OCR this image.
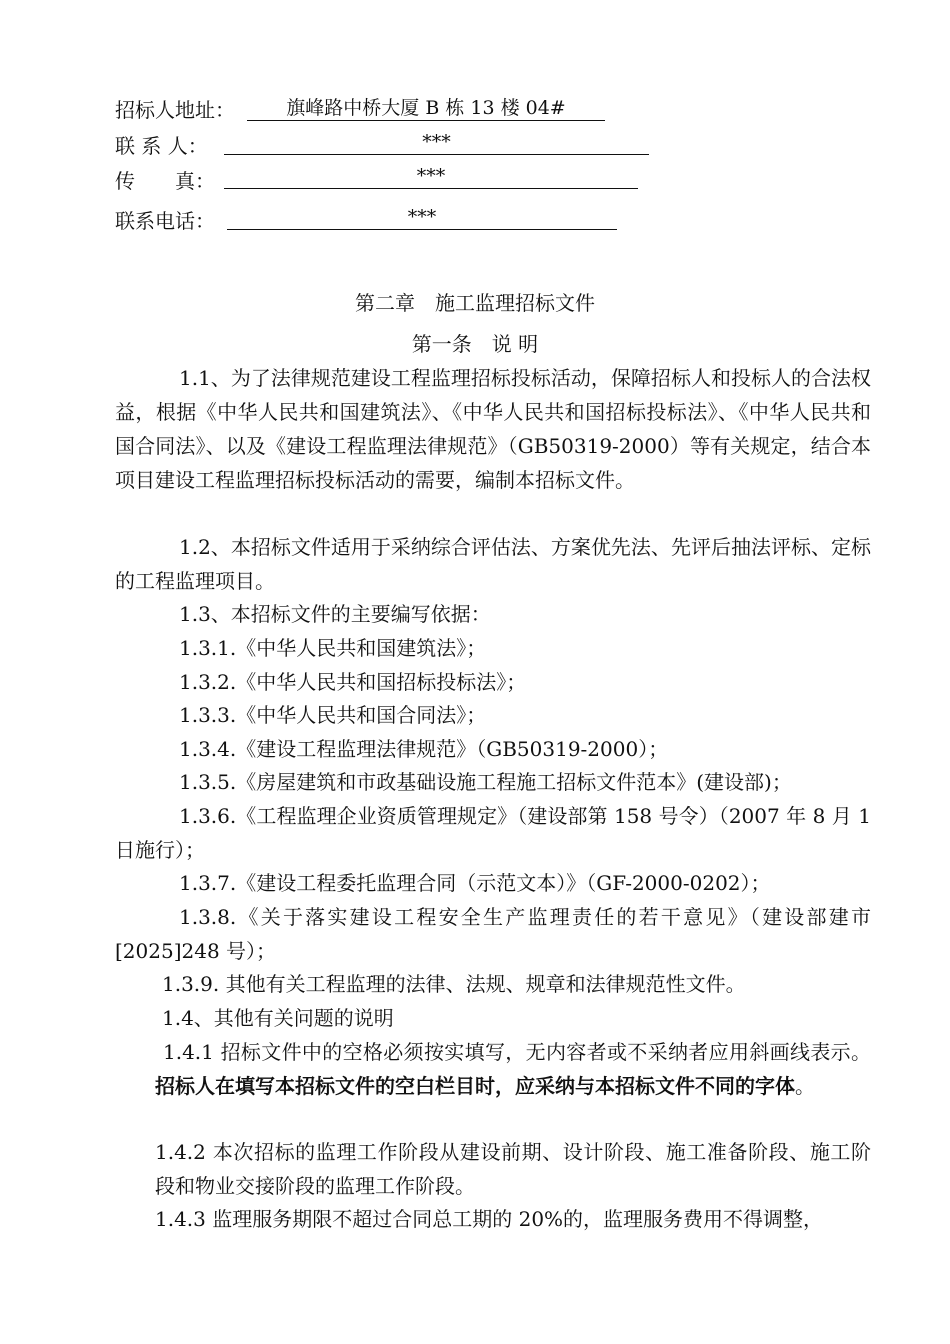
招标人地址：	旗峰路中桥大厦 B 栋 13 楼 04#
联 系 人：	***
传　　真：	***
联系电话：	***
第二章　施工监理招标文件
第一条　说 明
1.1、为了法律规范建设工程监理招标投标活动，保障招标人和投标人的合法权益，根据《中华人民共和国建筑法》、《中华人民共和国招标投标法》、《中华人民共和国合同法》、以及《建设工程监理法律规范》（GB50319-2000）等有关规定，结合本项目建设工程监理招标投标活动的需要，编制本招标文件。
1.2、本招标文件适用于采纳综合评估法、方案优先法、先评后抽法评标、定标的工程监理项目。
1.3、本招标文件的主要编写依据：
1.3.1.《中华人民共和国建筑法》；
1.3.2.《中华人民共和国招标投标法》；
1.3.3.《中华人民共和国合同法》；
1.3.4.《建设工程监理法律规范》（GB50319-2000）；
1.3.5.《房屋建筑和市政基础设施工程施工招标文件范本》(建设部)；
1.3.6.《工程监理企业资质管理规定》（建设部第 158 号令）（2007 年 8 月 1 日施行）；
1.3.7.《建设工程委托监理合同（示范文本）》（GF-2000-0202）；
1.3.8.《关于落实建设工程安全生产监理责任的若干意见》（建设部建市[2025]248 号）；
1.3.9. 其他有关工程监理的法律、法规、规章和法律规范性文件。
1.4、其他有关问题的说明
1.4.1 招标文件中的空格必须按实填写，无内容者或不采纳者应用斜画线表示。招标人在填写本招标文件的空白栏目时，应采纳与本招标文件不同的字体。
1.4.2 本次招标的监理工作阶段从建设前期、设计阶段、施工准备阶段、施工阶段和物业交接阶段的监理工作阶段。
1.4.3 监理服务期限不超过合同总工期的 20%的，监理服务费用不得调整，
